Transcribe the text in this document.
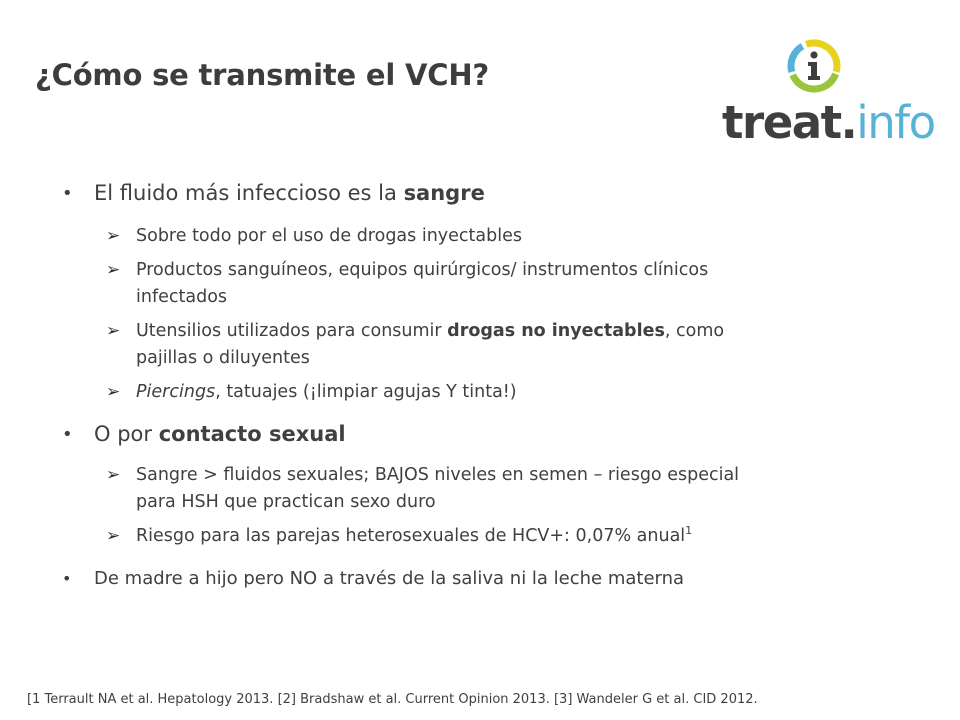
¿Cómo se transmite el VCH?
treat.info
• El fluido más infeccioso es la sangre
➢ Sobre todo por el uso de drogas inyectables
➢ Productos sanguíneos, equipos quirúrgicos/ instrumentos clínicos
infectados
➢ Utensilios utilizados para consumir drogas no inyectables, como
pajillas o diluyentes
➢ Piercings, tatuajes (¡limpiar agujas Y tinta!)
• O por contacto sexual
➢ Sangre > fluidos sexuales; BAJOS niveles en semen – riesgo especial
para HSH que practican sexo duro
➢ Riesgo para las parejas heterosexuales de HCV+: 0,07% anual$^1$
• De madre a hijo pero NO a través de la saliva ni la leche materna
[1 Terrault NA et al. Hepatology 2013. [2] Bradshaw et al. Current Opinion 2013. [3] Wandeler G et al. CID 2012.
